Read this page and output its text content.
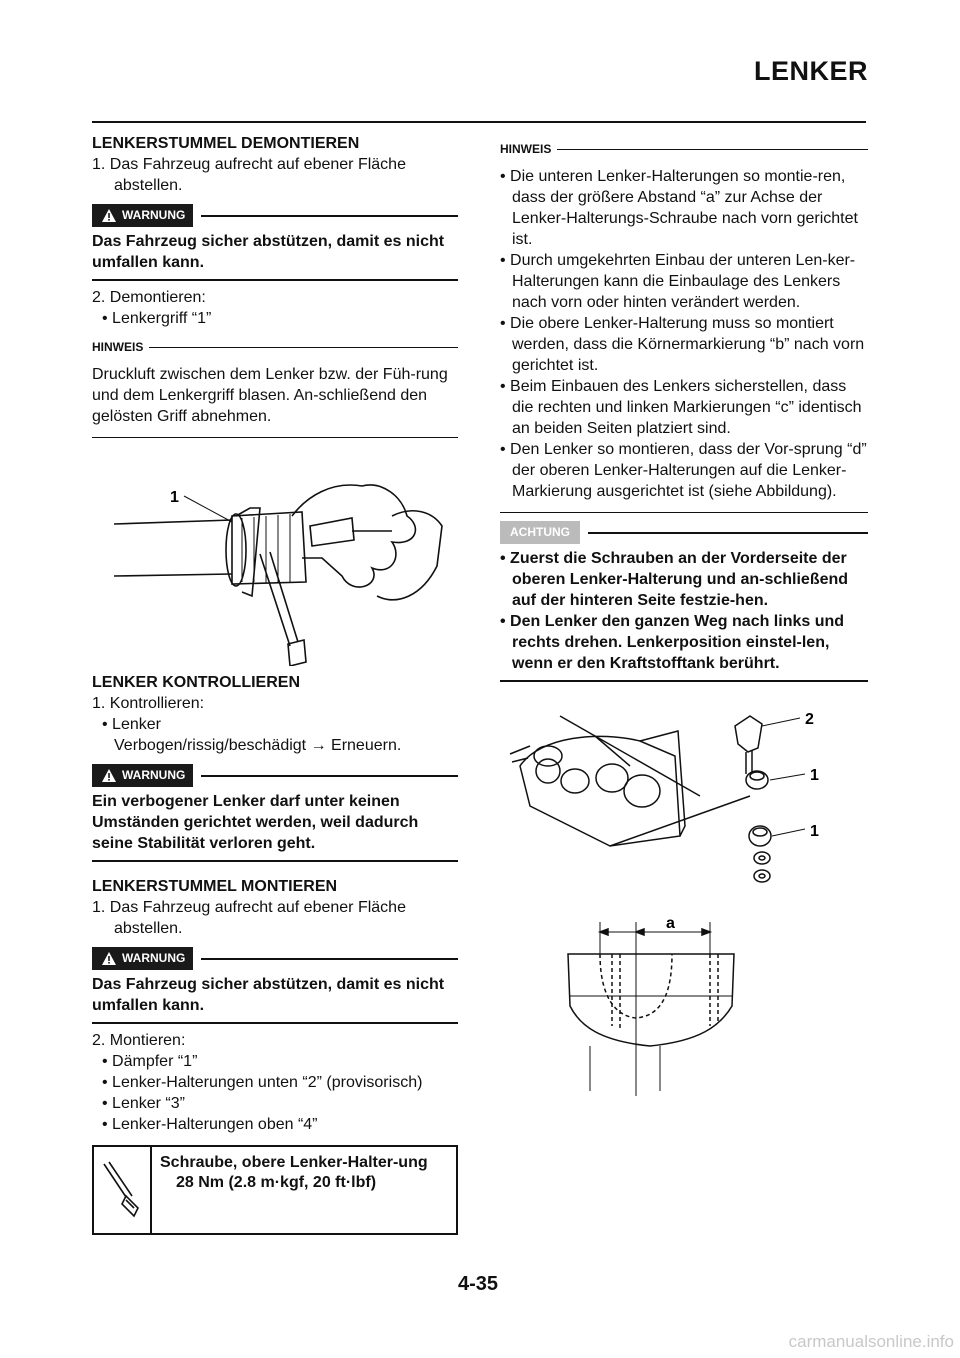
LENKER
LENKERSTUMMEL DEMONTIEREN

1. Das Fahrzeug aufrecht auf ebener Fläche abstellen.

WARNUNG

Das Fahrzeug sicher abstützen, damit es nicht umfallen kann.

2. Demontieren:

• Lenkergriff “1”

HINWEIS

Druckluft zwischen dem Lenker bzw. der Füh-rung und dem Lenkergriff blasen. An-schließend den gelösten Griff abnehmen.

1
LENKER KONTROLLIEREN

1. Kontrollieren:

• Lenker

Verbogen/rissig/beschädigt → Erneuern.

WARNUNG

Ein verbogener Lenker darf unter keinen Umständen gerichtet werden, weil dadurch seine Stabilität verloren geht.

LENKERSTUMMEL MONTIEREN

1. Das Fahrzeug aufrecht auf ebener Fläche abstellen.

WARNUNG

Das Fahrzeug sicher abstützen, damit es nicht umfallen kann.

2. Montieren:

• Dämpfer “1”

• Lenker-Halterungen unten “2” (provisorisch)

• Lenker “3”

• Lenker-Halterungen oben “4”

Schraube, obere Lenker-Halter-ung
28 Nm (2.8 m·kgf, 20 ft·lbf)
HINWEIS

• Die unteren Lenker-Halterungen so montie-ren, dass der größere Abstand “a” zur Achse der Lenker-Halterungs-Schraube nach vorn gerichtet ist.

• Durch umgekehrten Einbau der unteren Len-ker-Halterungen kann die Einbaulage des Lenkers nach vorn oder hinten verändert werden.

• Die obere Lenker-Halterung muss so montiert werden, dass die Körnermarkierung “b” nach vorn gerichtet ist.

• Beim Einbauen des Lenkers sicherstellen, dass die rechten und linken Markierungen “c” identisch an beiden Seiten platziert sind.

• Den Lenker so montieren, dass der Vor-sprung “d” der oberen Lenker-Halterungen auf die Lenker-Markierung ausgerichtet ist (siehe Abbildung).

ACHTUNG

• Zuerst die Schrauben an der Vorderseite der oberen Lenker-Halterung und an-schließend auf der hinteren Seite festzie-hen.

• Den Lenker den ganzen Weg nach links und rechts drehen. Lenkerposition einstel-len, wenn er den Kraftstofftank berührt.

2
1
1
a
4-35
carmanualsonline.info
